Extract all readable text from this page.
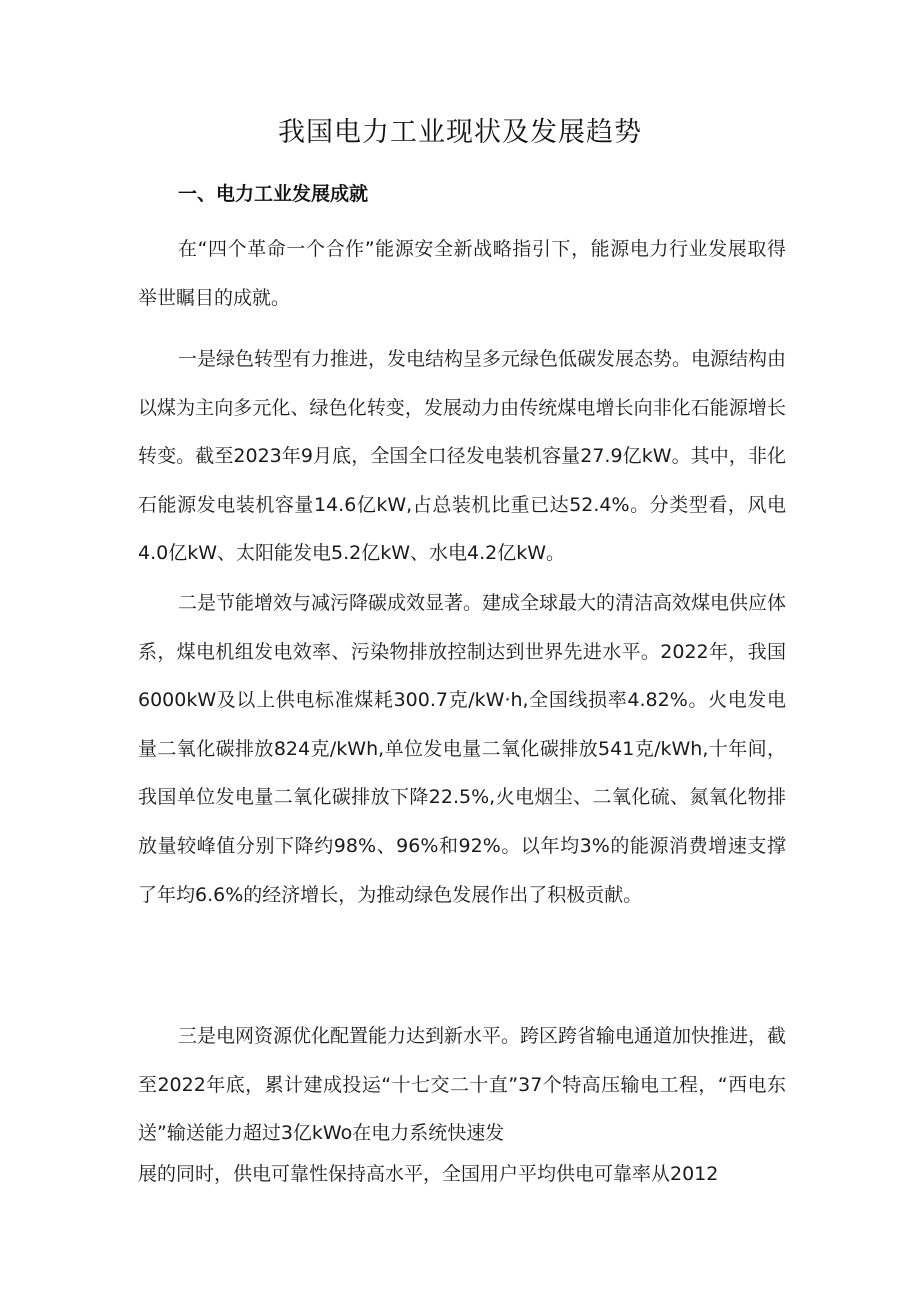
我国电力工业现状及发展趋势
一、电力工业发展成就

在“四个革命一个合作”能源安全新战略指引下，能源电力行业发展取得举世瞩目的成就。

一是绿色转型有力推进，发电结构呈多元绿色低碳发展态势。电源结构由以煤为主向多元化、绿色化转变，发展动力由传统煤电增长向非化石能源增长转变。截至2023年9月底，全国全口径发电装机容量27.9亿kW。其中，非化石能源发电装机容量14.6亿kW,占总装机比重已达52.4%。分类型看，风电4.0亿kW、太阳能发电5.2亿kW、水电4.2亿kW。

二是节能增效与减污降碳成效显著。建成全球最大的清洁高效煤电供应体系，煤电机组发电效率、污染物排放控制达到世界先进水平。2022年，我国6000kW及以上供电标准煤耗300.7克/kW·h,全国线损率4.82%。火电发电量二氧化碳排放824克/kWh,单位发电量二氧化碳排放541克/kWh,十年间，我国单位发电量二氧化碳排放下降22.5%,火电烟尘、二氧化硫、氮氧化物排放量较峰值分别下降约98%、96%和92%。以年均3%的能源消费增速支撑了年均6.6%的经济增长，为推动绿色发展作出了积极贡献。

三是电网资源优化配置能力达到新水平。跨区跨省输电通道加快推进，截至2022年底，累计建成投运“十七交二十直”37个特高压输电工程，“西电东送”输送能力超过3亿kWo在电力系统快速发
展的同时，供电可靠性保持高水平，全国用户平均供电可靠率从2012
